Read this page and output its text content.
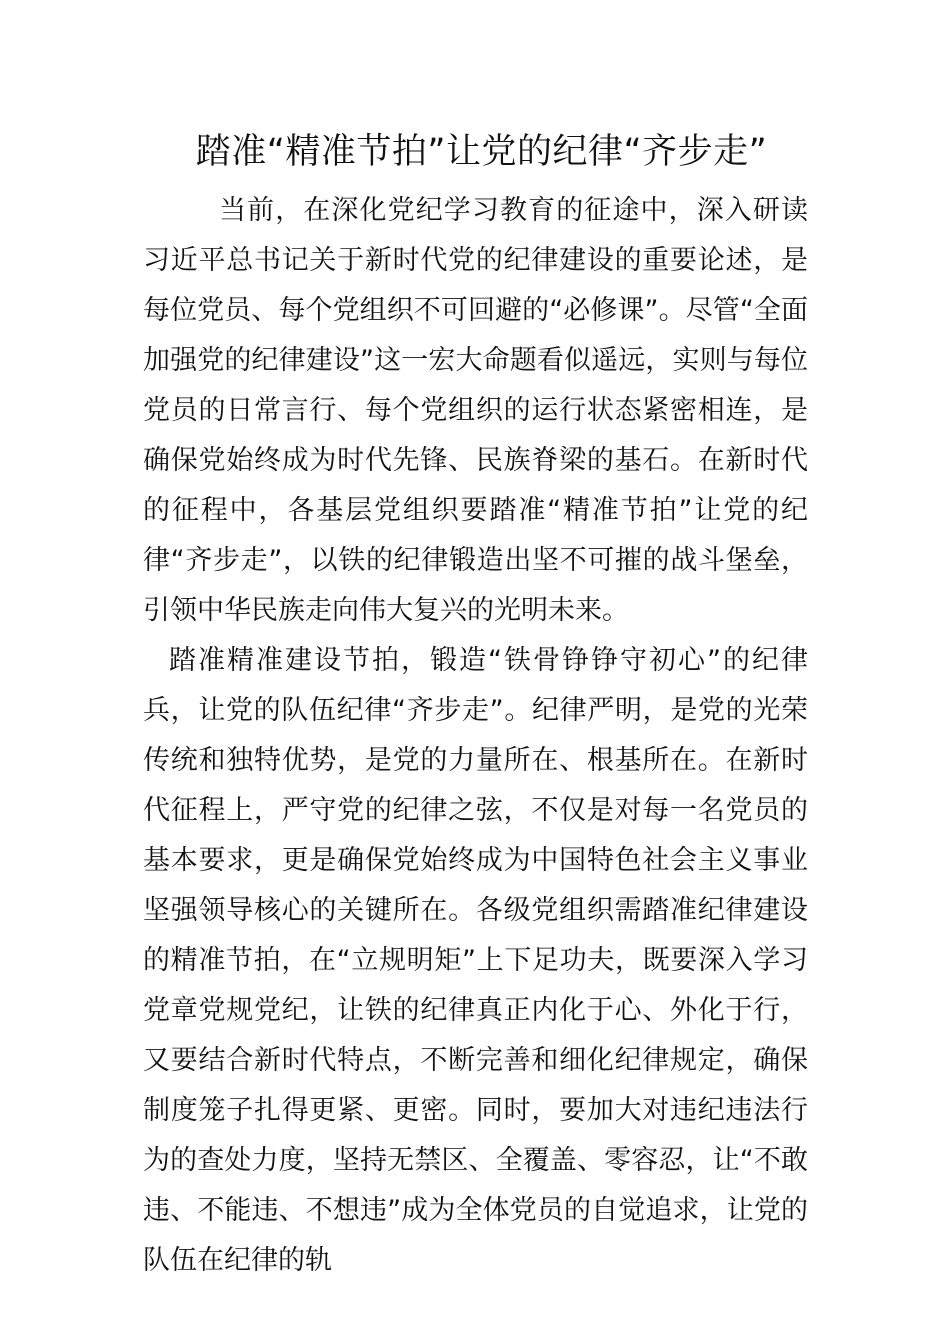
踏准“精准节拍”让党的纪律“齐步走”

当前，在深化党纪学习教育的征途中，深入研读习近平总书记关于新时代党的纪律建设的重要论述，是每位党员、每个党组织不可回避的“必修课”。尽管“全面加强党的纪律建设”这一宏大命题看似遥远，实则与每位党员的日常言行、每个党组织的运行状态紧密相连，是确保党始终成为时代先锋、民族脊梁的基石。在新时代的征程中，各基层党组织要踏准“精准节拍”让党的纪律“齐步走”，以铁的纪律锻造出坚不可摧的战斗堡垒，引领中华民族走向伟大复兴的光明未来。

踏准精准建设节拍，锻造“铁骨铮铮守初心”的纪律兵，让党的队伍纪律“齐步走”。纪律严明，是党的光荣传统和独特优势，是党的力量所在、根基所在。在新时代征程上，严守党的纪律之弦，不仅是对每一名党员的基本要求，更是确保党始终成为中国特色社会主义事业坚强领导核心的关键所在。各级党组织需踏准纪律建设的精准节拍，在“立规明矩”上下足功夫，既要深入学习党章党规党纪，让铁的纪律真正内化于心、外化于行，又要结合新时代特点，不断完善和细化纪律规定，确保制度笼子扎得更紧、更密。同时，要加大对违纪违法行为的查处力度，坚持无禁区、全覆盖、零容忍，让“不敢违、不能违、不想违”成为全体党员的自觉追求，让党的队伍在纪律的轨
